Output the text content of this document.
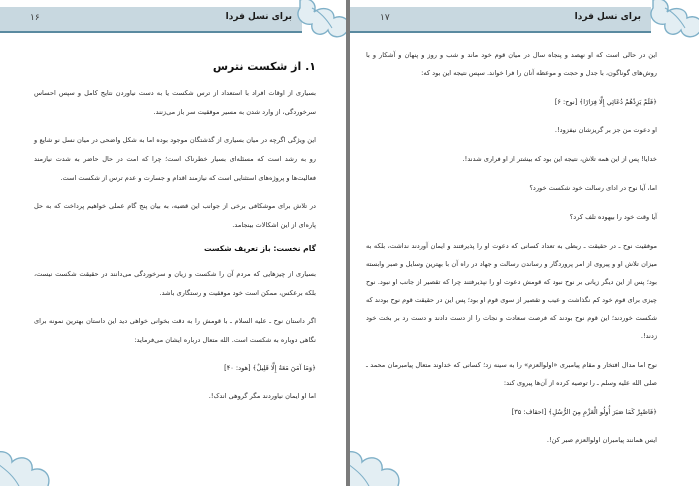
۱۶	برای نسل فردا
۱. از شکست نترس

بسیاری از اوقات افراد با استعداد از ترس شکست یا به دست نیاوردن نتایج کامل و سپس احساس سرخوردگی، از وارد شدن به مسیر موفقیت سر باز می‌زنند.

این ویژگی اگرچه در میان بسیاری از گذشتگان موجود بوده اما به شکل واضحی در میان نسل نو شایع و رو به رشد است که مسئله‌ای بسیار خطرناک است؛ چرا که امت در حال حاضر به شدت نیازمند فعالیت‌ها و پروژه‌های استثنایی است که نیازمند اقدام و جسارت و عدم ترس از شکست است.

در تلاش برای موشکافی برخی از جوانب این قضیه، به بیان پنج گام عملی خواهیم پرداخت که به حل پاره‌ای از این اشکالات بینجامد.

گام نخست: باز تعریف شکست

بسیاری از چیزهایی که مردم آن را شکست و زیان و سرخوردگی می‌دانند در حقیقت شکست نیست، بلکه برعکس، ممکن است خود موفقیت و رستگاری باشد.

اگر داستان نوح ـ علیه السلام ـ با قومش را به دقت بخوانی خواهی دید این داستان بهترین نمونه برای نگاهی دوباره به شکست است. الله متعال درباره ایشان می‌فرماید:

﴿وَمَا آمَنَ مَعَهُ إِلَّا قَلِيلٌ﴾ [هود: ۴۰]

اما او ایمان نیاوردند مگر گروهی اندک!.

۱۷	برای نسل فردا

این در حالی است که او نهصد و پنجاه سال در میان قوم خود ماند و شب و روز و پنهان و آشکار و با روش‌های گوناگون، با جدل و حجت و موعظه آنان را فرا خواند. سپس نتیجه این بود که:

﴿فَلَمْ يَزِدْهُمْ دُعَائِي إِلَّا فِرَارًا﴾ [نوح: ۶]

او دعوت من جز بر گریزشان نیفزود!.

خدایا! پس از این همه تلاش، نتیجه این بود که بیشتر از او فراری شدند!.

اما، آیا نوح در ادای رسالت خود شکست خورد؟

آیا وقت خود را بیهوده تلف کرد؟

موفقیت نوح ـ در حقیقت ـ ربطی به تعداد کسانی که دعوت او را پذیرفتند و ایمان آوردند نداشت، بلکه به میزان تلاش او و پیروی از امر پروردگار و رساندن رسالت و جهاد در راه آن با بهترین وسایل و صبر وابسته بود؛ پس از این دیگر زیانی بر نوح نبود که قومش دعوت او را نپذیرفتند چرا که تقصیر از جانب او نبود. نوح چیزی برای قوم خود کم نگذاشت و عیب و تقصیر از سوی قوم او بود؛ پس این در حقیقت قوم نوح بودند که شکست خوردند؛ این قوم نوح بودند که فرصت سعادت و نجات را از دست دادند و دست رد بر بخت خود زدند!.

نوح اما مدال افتخار و مقام پیامبری «اولوالعزم» را به سینه زد؛ کسانی که خداوند متعال پیامبرمان محمد ـ صلی الله علیه وسلم ـ را توصیه کرده از آن‌ها پیروی کند:

﴿فَاصْبِرْ كَمَا صَبَرَ أُولُو الْعَزْمِ مِنَ الرُّسُلِ﴾ [احقاف: ۳۵]

ایس همانند پیامبران اولوالعزم صبر کن!.
